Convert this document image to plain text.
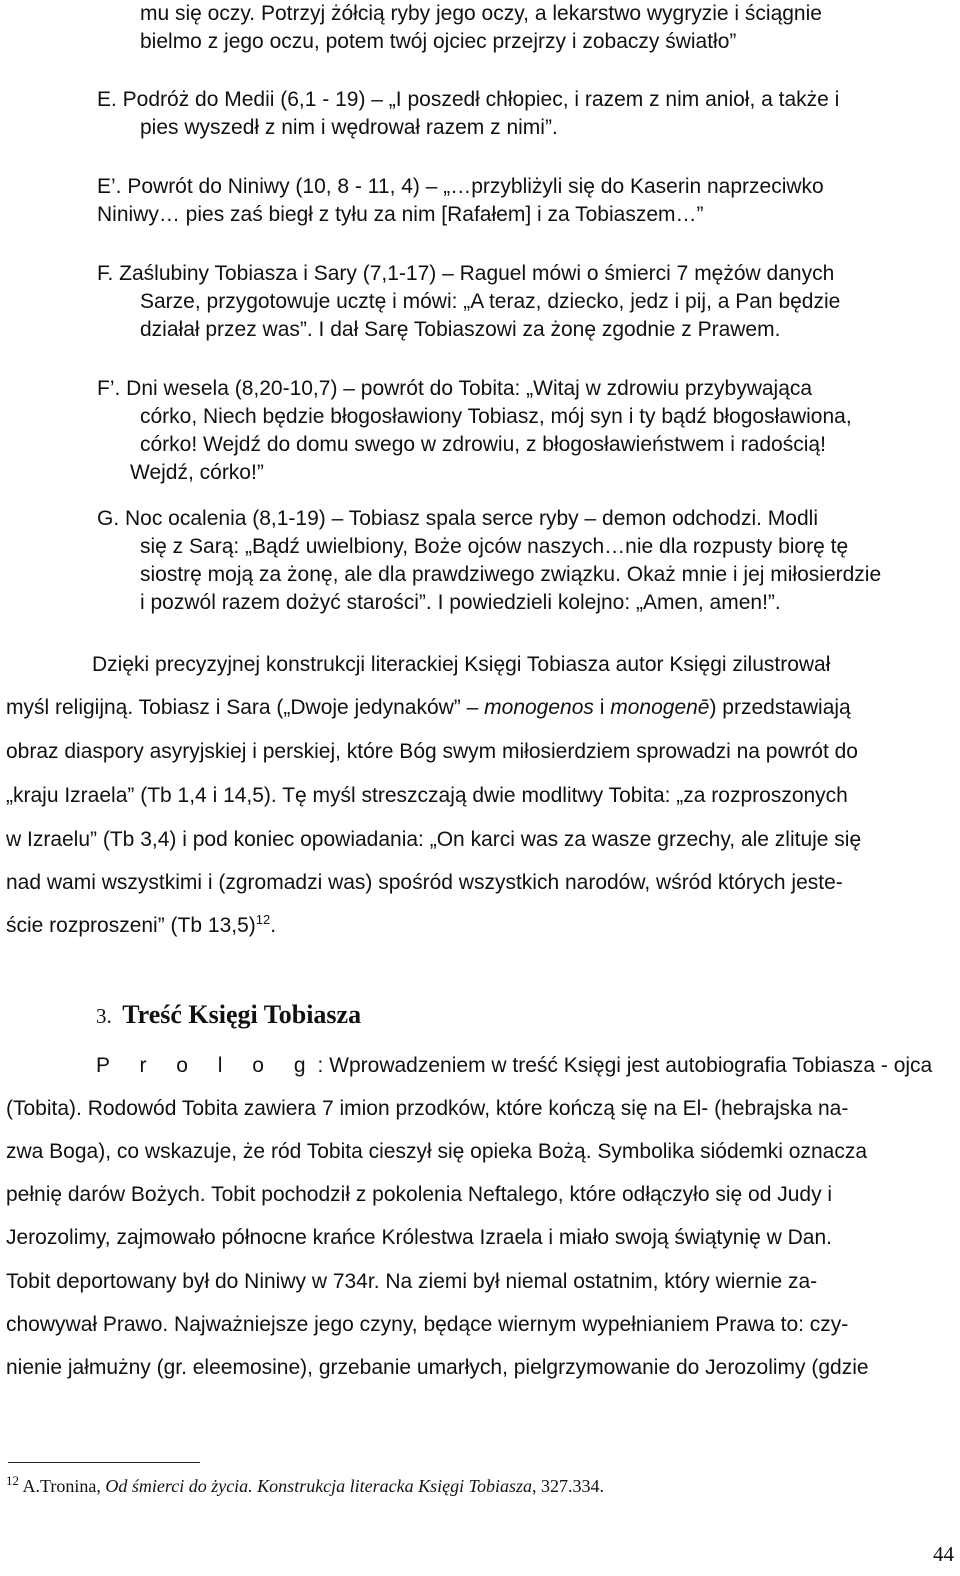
mu się oczy. Potrzyj żółcią ryby jego oczy, a lekarstwo wygryzie i ściągnie
bielmo z jego oczu, potem twój ojciec przejrzy i zobaczy światło”
E. Podróż do Medii (6,1 - 19) – „I poszedł chłopiec, i razem z nim anioł, a także i
pies wyszedł z nim i wędrował razem z nimi”.
E’. Powrót do Niniwy (10, 8 - 11, 4) – „…przybliżyli się do Kaserin naprzeciwko
Niniwy… pies zaś biegł z tyłu za nim [Rafałem] i za Tobiaszem…”
F. Zaślubiny Tobiasza i Sary (7,1-17) – Raguel mówi o śmierci 7 mężów danych
Sarze, przygotowuje ucztę i mówi: „A teraz, dziecko, jedz i pij, a Pan będzie
działał przez was”. I dał Sarę Tobiaszowi za żonę zgodnie z Prawem.
F’. Dni wesela (8,20-10,7) – powrót do Tobita: „Witaj w zdrowiu przybywająca
córko, Niech będzie błogosławiony Tobiasz, mój syn i ty bądź błogosławiona,
córko! Wejdź do domu swego w zdrowiu, z błogosławieństwem i radością!
Wejdź, córko!”
G. Noc ocalenia (8,1-19) – Tobiasz spala serce ryby – demon odchodzi. Modli
się z Sarą: „Bądź uwielbiony, Boże ojców naszych…nie dla rozpusty biorę tę
siostrę moją za żonę, ale dla prawdziwego związku. Okaż mnie i jej miłosierdzie
i pozwól razem dożyć starości”. I powiedzieli kolejno: „Amen, amen!”.
Dzięki precyzyjnej konstrukcji literackiej Księgi Tobiasza autor Księgi zilustrował
myśl religijną. Tobiasz i Sara („Dwoje jedynaków” – monogenos i monogenē) przedstawiają
obraz diaspory asyryjskiej i perskiej, które Bóg swym miłosierdziem sprowadzi na powrót do
„kraju Izraela” (Tb 1,4 i 14,5). Tę myśl streszczają dwie modlitwy Tobita: „za rozproszonych
w Izraelu” (Tb 3,4) i pod koniec opowiadania: „On karci was za wasze grzechy, ale zlituje się
nad wami wszystkimi i (zgromadzi was) spośród wszystkich narodów, wśród których jeste-
ście rozproszeni” (Tb 13,5)$^{12}$.
3. Treść Księgi Tobiasza
P r o l o g: Wprowadzeniem w treść Księgi jest autobiografia Tobiasza - ojca
(Tobita). Rodowód Tobita zawiera 7 imion przodków, które kończą się na El- (hebrajska na-
zwa Boga), co wskazuje, że ród Tobita cieszył się opieka Bożą. Symbolika siódemki oznacza
pełnię darów Bożych. Tobit pochodził z pokolenia Neftalego, które odłączyło się od Judy i
Jerozolimy, zajmowało północne krańce Królestwa Izraela i miało swoją świątynię w Dan.
Tobit deportowany był do Niniwy w 734r. Na ziemi był niemal ostatnim, który wiernie za-
chowywał Prawo. Najważniejsze jego czyny, będące wiernym wypełnianiem Prawa to: czy-
nienie jałmużny (gr. eleemosine), grzebanie umarłych, pielgrzymowanie do Jerozolimy (gdzie
$^{12}$ A.Tronina, Od śmierci do życia. Konstrukcja literacka Księgi Tobiasza, 327.334.
44
